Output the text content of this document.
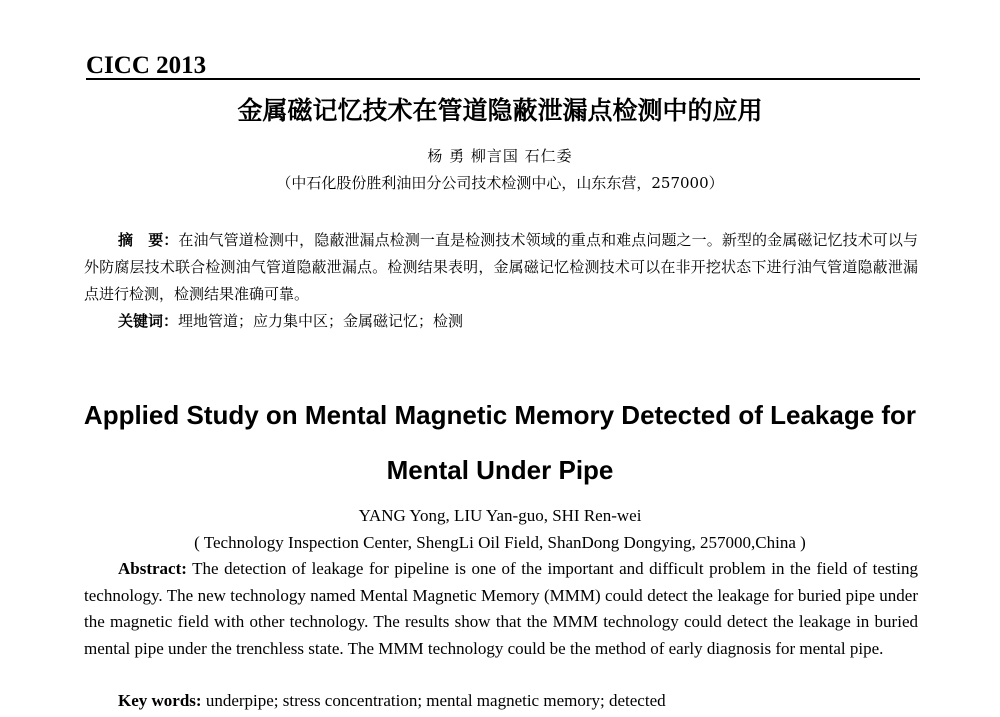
CICC 2013
金属磁记忆技术在管道隐蔽泄漏点检测中的应用
杨 勇 柳言国 石仁委
（中石化股份胜利油田分公司技术检测中心，山东东营，257000）
摘　要：在油气管道检测中，隐蔽泄漏点检测一直是检测技术领域的重点和难点问题之一。新型的金属磁记忆技术可以与外防腐层技术联合检测油气管道隐蔽泄漏点。检测结果表明，金属磁记忆检测技术可以在非开挖状态下进行油气管道隐蔽泄漏点进行检测，检测结果准确可靠。
关键词：埋地管道；应力集中区；金属磁记忆；检测
Applied Study on Mental Magnetic Memory Detected of Leakage for
Mental Under Pipe
YANG Yong, LIU Yan-guo, SHI Ren-wei
( Technology Inspection Center, ShengLi Oil Field, ShanDong Dongying, 257000,China )
Abstract: The detection of leakage for pipeline is one of the important and difficult problem in the field of testing technology. The new technology named Mental Magnetic Memory (MMM) could detect the leakage for buried pipe under the magnetic field with other technology. The results show that the MMM technology could detect the leakage in buried mental pipe under the trenchless state. The MMM technology could be the method of early diagnosis for mental pipe.
Key words: underpipe; stress concentration; mental magnetic memory; detected
